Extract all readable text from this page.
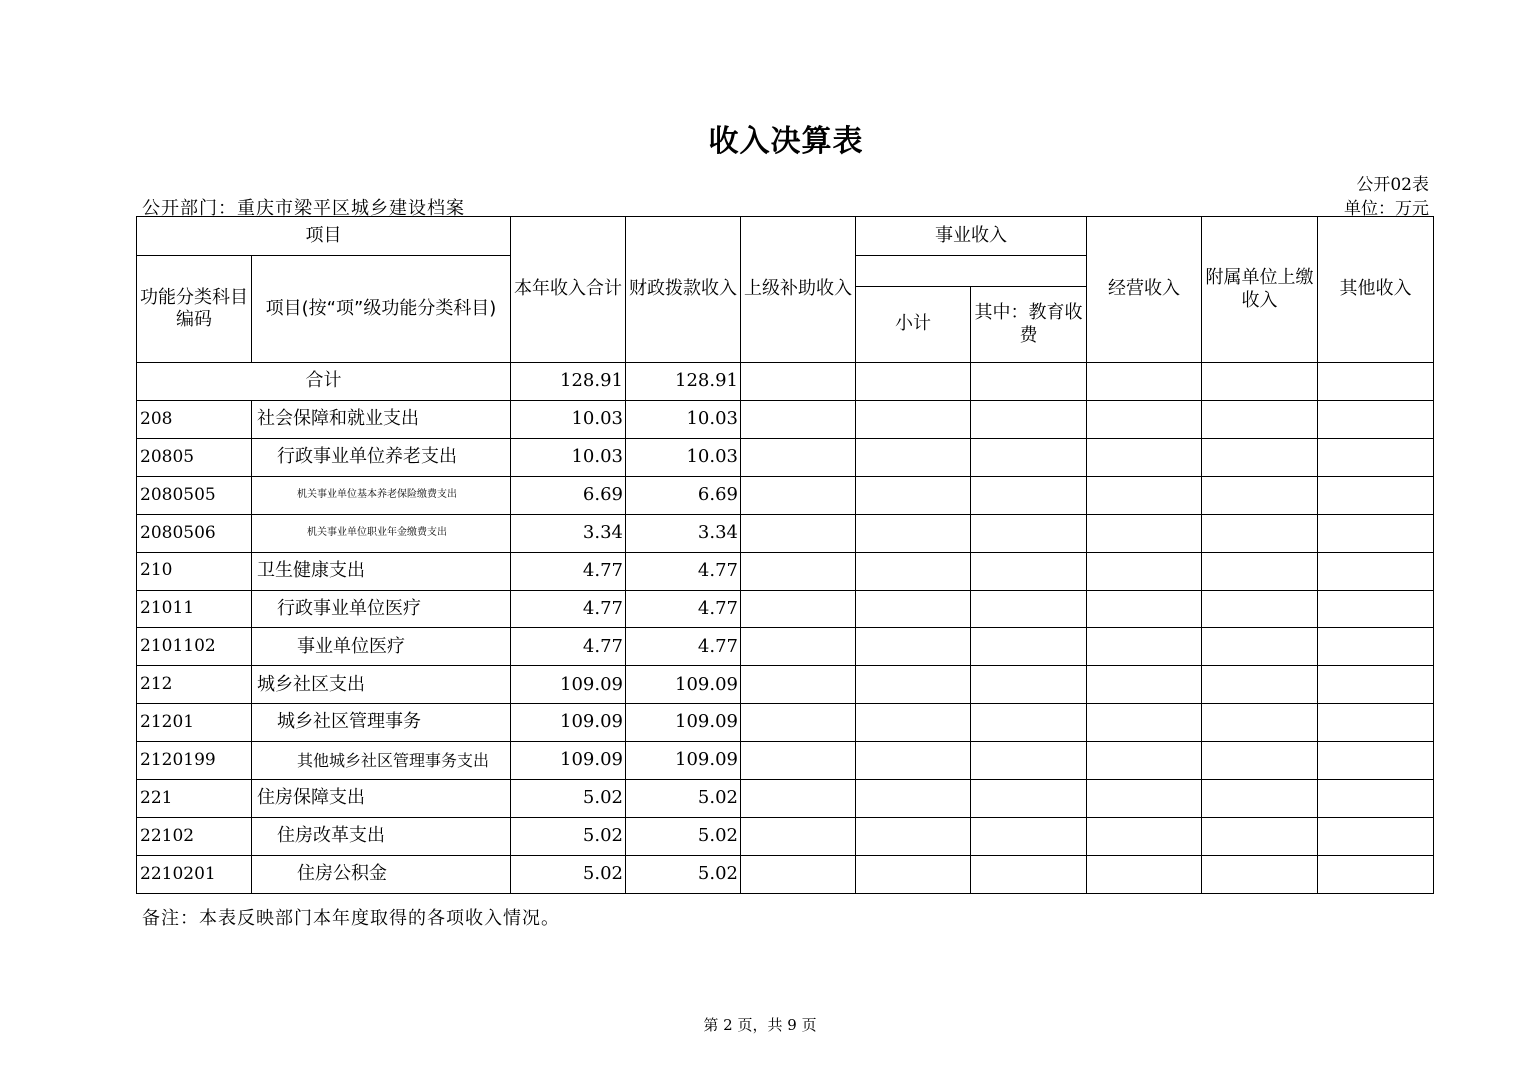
收入决算表
公开02表
单位：万元
公开部门：重庆市梁平区城乡建设档案
项目		本年收入合计	财政拨款收入	上级补助收入	事业收入		经营收入	附属单位上缴收入	其他收入
功能分类科目编码	项目(按“项”级功能分类科目)								
					小计	其中：教育收费			
合计		128.91	128.91						
208	社会保障和就业支出	10.03	10.03						
20805	行政事业单位养老支出	10.03	10.03						
2080505	机关事业单位基本养老保险缴费支出	6.69	6.69						
2080506	机关事业单位职业年金缴费支出	3.34	3.34						
210	卫生健康支出	4.77	4.77						
21011	行政事业单位医疗	4.77	4.77						
2101102	事业单位医疗	4.77	4.77						
212	城乡社区支出	109.09	109.09						
21201	城乡社区管理事务	109.09	109.09						
2120199	其他城乡社区管理事务支出	109.09	109.09						
221	住房保障支出	5.02	5.02						
22102	住房改革支出	5.02	5.02						
2210201	住房公积金	5.02	5.02						
备注：本表反映部门本年度取得的各项收入情况。
第 2 页，共 9 页
